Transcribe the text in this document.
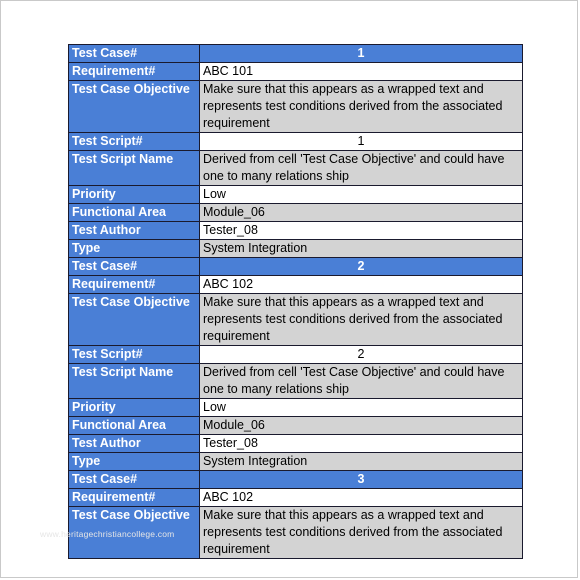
Test Case#	1
Requirement#	ABC 101
Test Case Objective	Make sure that this appears as a wrapped text and represents test conditions derived from the associated requirement
Test Script#	1
Test Script Name	Derived from cell 'Test Case Objective' and could have one to many relations ship
Priority	Low
Functional Area	Module_06
Test Author	Tester_08
Type	System Integration
Test Case#	2
Requirement#	ABC 102
Test Case Objective	Make sure that this appears as a wrapped text and represents test conditions derived from the associated requirement
Test Script#	2
Test Script Name	Derived from cell 'Test Case Objective' and could have one to many relations ship
Priority	Low
Functional Area	Module_06
Test Author	Tester_08
Type	System Integration
Test Case#	3
Requirement#	ABC 102
Test Case Objective	Make sure that this appears as a wrapped text and represents test conditions derived from the associated requirement
www.heritagechristiancollege.com
